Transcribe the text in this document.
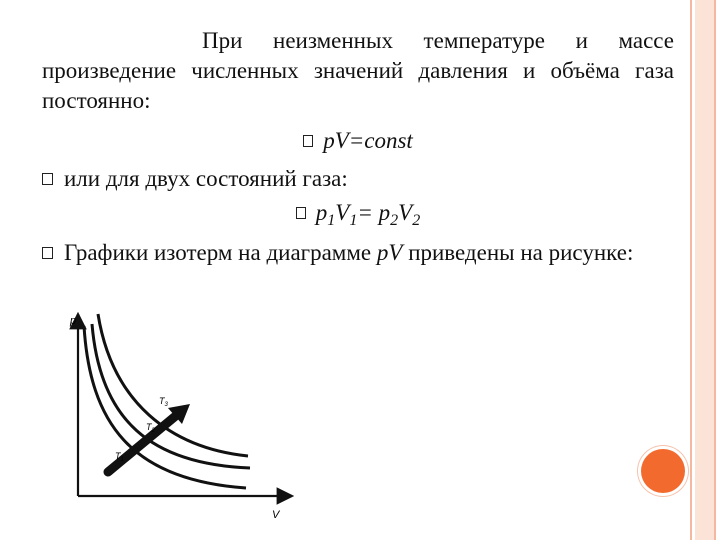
При неизменных температуре и массе произведение численных значений давления и объёма газа постоянно:
pV=const
или для двух состояний газа:
$p_1V_1= p_2V_2$
Графики изотерм на диаграмме pV приведены на рисунке:
p
V
$T_1$
$T_2$
$T_3$
